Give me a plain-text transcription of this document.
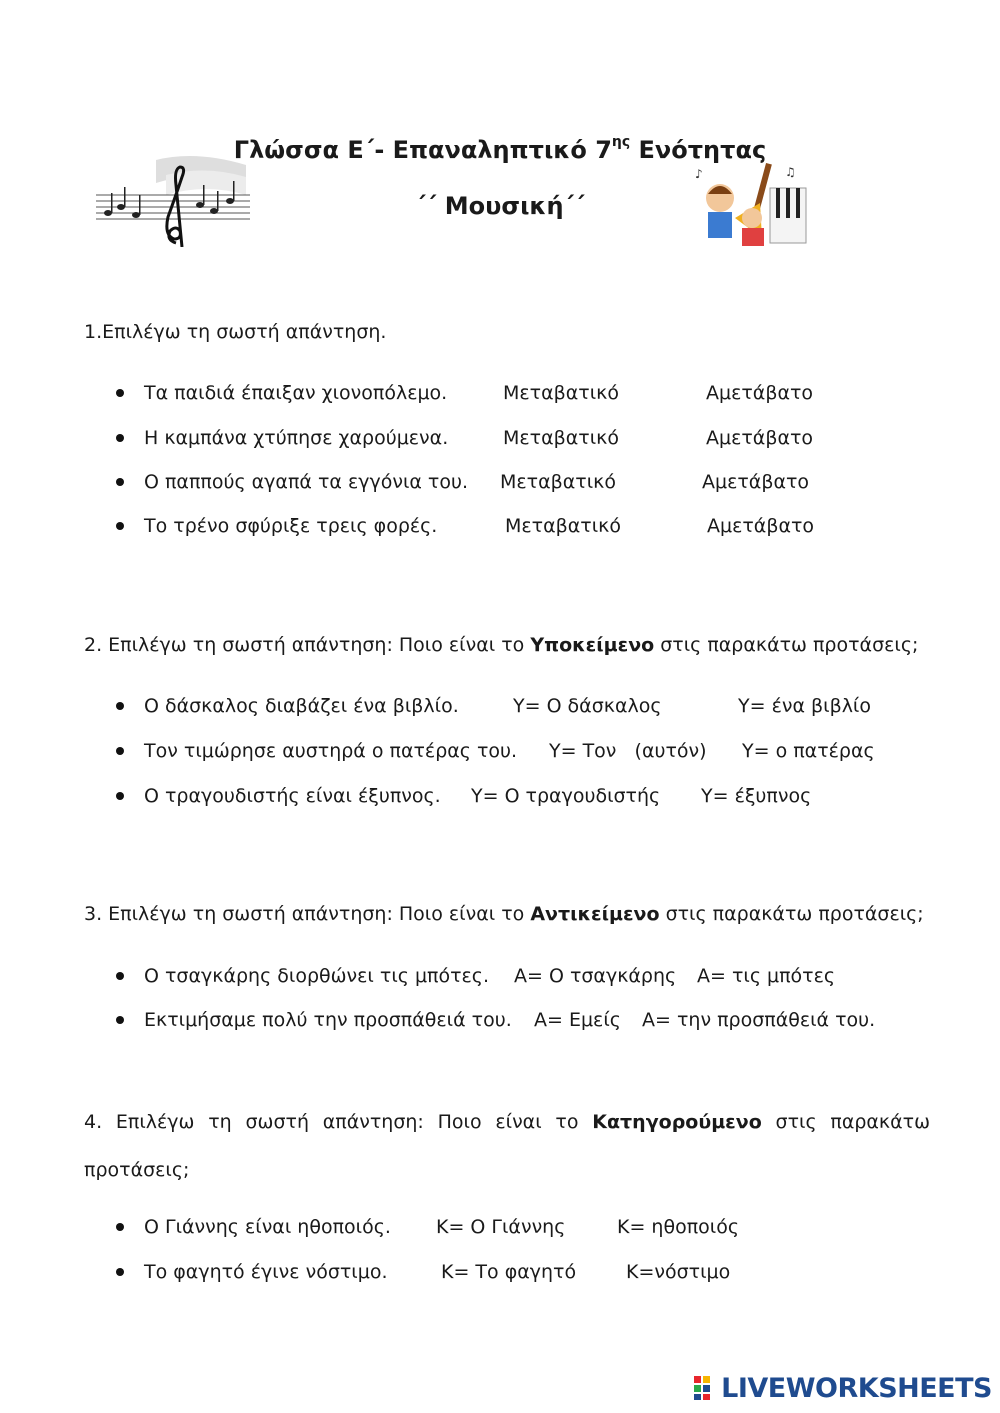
♪	♫
Γλώσσα Ε΄- Επαναληπτικό $7^{\eta\varsigma}$ Ενότητας
΄΄ Μουσική΄΄
1.Επιλέγω τη σωστή απάντηση.
Τα παιδιά έπαιξαν χιονοπόλεμο.	Μεταβατικό	Αμετάβατο
Η καμπάνα χτύπησε χαρούμενα.	Μεταβατικό	Αμετάβατο
Ο παππούς αγαπά τα εγγόνια του. Μεταβατικό	Αμετάβατο
Το τρένο σφύριξε τρεις φορές.	Μεταβατικό	Αμετάβατο
2. Επιλέγω τη σωστή απάντηση: Ποιο είναι το Υποκείμενο στις παρακάτω προτάσεις;
Ο δάσκαλος διαβάζει ένα βιβλίο.	Υ= Ο δάσκαλος	Υ= ένα βιβλίο
Τον τιμώρησε αυστηρά ο πατέρας του. Υ= Τον   (αυτόν) Υ= ο πατέρας
Ο τραγουδιστής είναι έξυπνος. Υ= Ο τραγουδιστής Υ= έξυπνος
3. Επιλέγω τη σωστή απάντηση: Ποιο είναι το Αντικείμενο στις παρακάτω προτάσεις;
Ο τσαγκάρης διορθώνει τις μπότες. Α= Ο τσαγκάρης Α= τις μπότες
Εκτιμήσαμε πολύ την προσπάθειά του. Α= Εμείς Α= την προσπάθειά του.
4. Επιλέγω τη σωστή απάντηση: Ποιο είναι το Κατηγορούμενο στις παρακάτω προτάσεις;
Ο Γιάννης είναι ηθοποιός. Κ= Ο Γιάννης	Κ= ηθοποιός
Το φαγητό έγινε νόστιμο.	Κ= Το φαγητό	Κ=νόστιμο
LIVEWORKSHEETS
